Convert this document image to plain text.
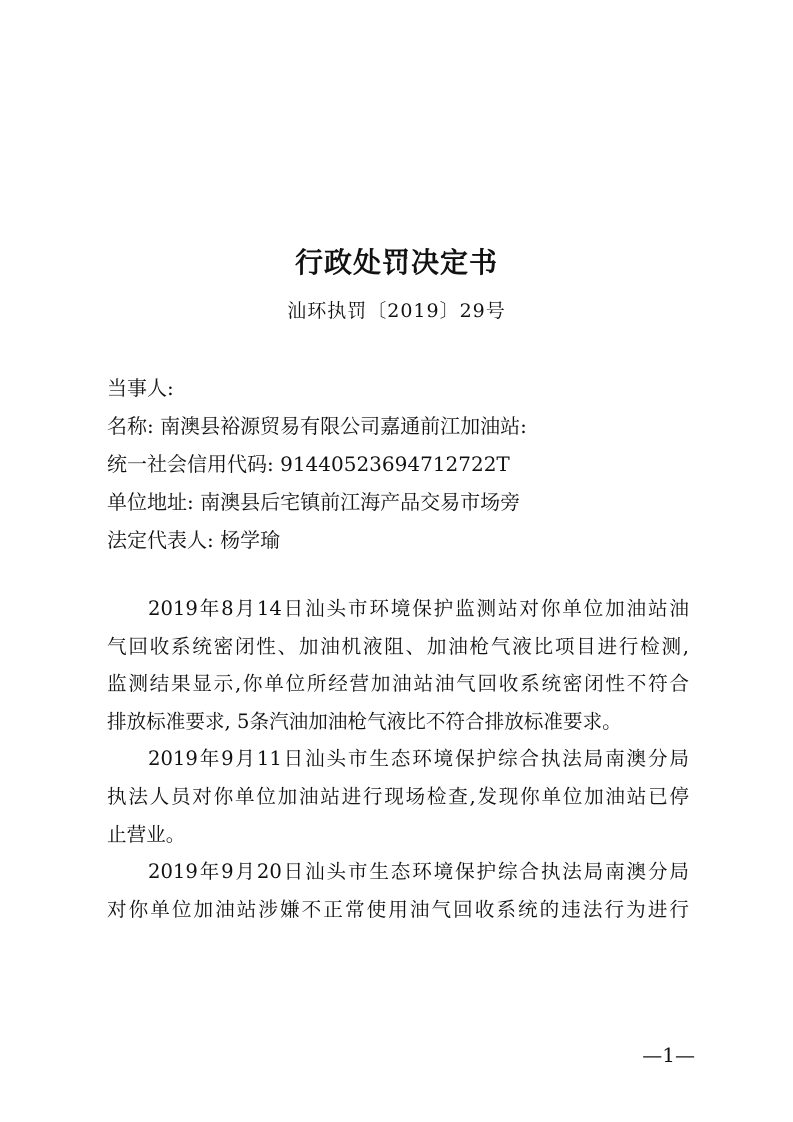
行政处罚决定书
汕环执罚〔2019〕29号
当事人:
名称: 南澳县裕源贸易有限公司嘉通前江加油站:
统一社会信用代码: 91440523694712722T
单位地址: 南澳县后宅镇前江海产品交易市场旁
法定代表人: 杨学瑜
2019年8月14日汕头市环境保护监测站对你单位加油站油
气回收系统密闭性、加油机液阻、加油枪气液比项目进行检测,
监测结果显示,你单位所经营加油站油气回收系统密闭性不符合
排放标准要求, 5条汽油加油枪气液比不符合排放标准要求。
2019年9月11日汕头市生态环境保护综合执法局南澳分局
执法人员对你单位加油站进行现场检查,发现你单位加油站已停
止营业。
2019年9月20日汕头市生态环境保护综合执法局南澳分局
对你单位加油站涉嫌不正常使用油气回收系统的违法行为进行
—1—
